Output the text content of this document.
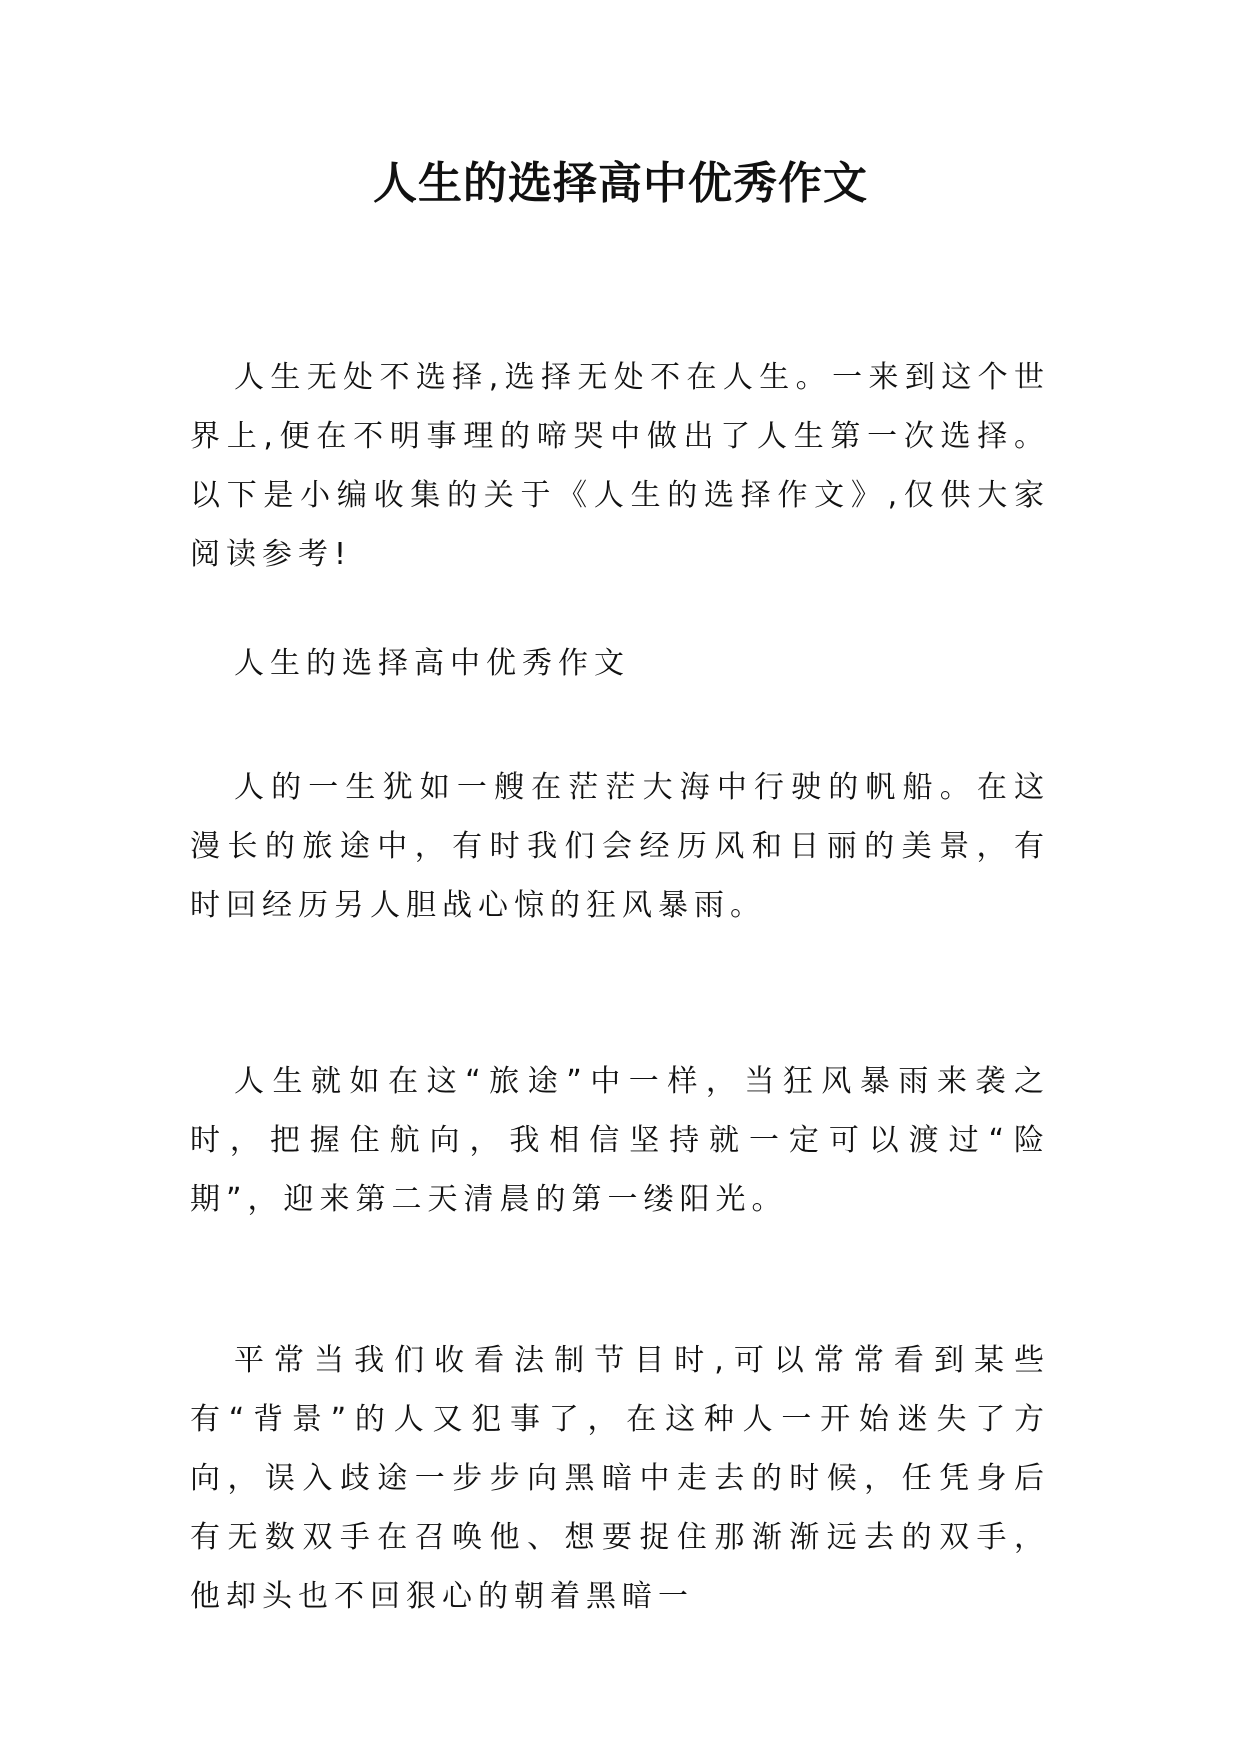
人生的选择高中优秀作文

人生无处不选择,选择无处不在人生。一来到这个世界上,便在不明事理的啼哭中做出了人生第一次选择。以下是小编收集的关于《人生的选择作文》,仅供大家阅读参考!

人生的选择高中优秀作文

人的一生犹如一艘在茫茫大海中行驶的帆船。在这漫长的旅途中，有时我们会经历风和日丽的美景，有时回经历另人胆战心惊的狂风暴雨。

人生就如在这“旅途”中一样，当狂风暴雨来袭之时，把握住航向，我相信坚持就一定可以渡过“险期”，迎来第二天清晨的第一缕阳光。

平常当我们收看法制节目时,可以常常看到某些有“背景”的人又犯事了，在这种人一开始迷失了方向，误入歧途一步步向黑暗中走去的时候，任凭身后有无数双手在召唤他、想要捉住那渐渐远去的双手，他却头也不回狠心的朝着黑暗一
